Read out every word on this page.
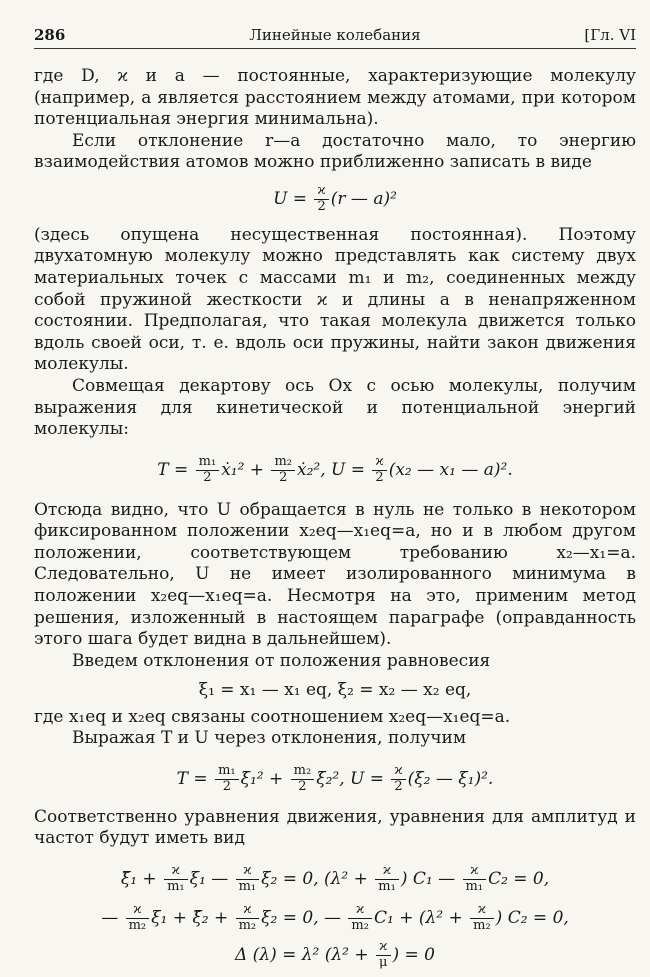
286	Линейные колебания	[Гл. VI

где D, ϰ и a — постоянные, характеризующие молекулу (например, a является расстоянием между атомами, при котором потенциальная энергия минимальна).

Если отклонение r—a достаточно мало, то энергию взаимодействия атомов можно приближенно записать в виде

$U = \frac{ϰ}{2} (r$ — a)²

(здесь опущена несущественная постоянная). Поэтому двухатомную молекулу можно представлять как систему двух материальных точек с массами m₁ и m₂, соединенных между собой пружиной жесткости ϰ и длины a в ненапряженном состоянии. Предполагая, что такая молекула движется только вдоль своей оси, т. е. вдоль оси пружины, найти закон движения молекулы.

Совмещая декартову ось Ox с осью молекулы, получим выражения для кинетической и потенциальной энергий молекулы:

$T = \frac{\text{m₁}}{2}$ ẋ₁² + $\frac{\text{m₂}}{2}$ ẋ₂², $U = \frac{ϰ}{2} (x_2$ — x₁ — a)².

Отсюда видно, что U обращается в нуль не только в некотором фиксированном положении x₂eq—x₁eq=a, но и в любом другом положении, соответствующем требованию x₂—x₁=a. Следовательно, U не имеет изолированного минимума в положении x₂eq—x₁eq=a. Несмотря на это, применим метод решения, изложенный в настоящем параграфе (оправданность этого шага будет видна в дальнейшем).

Введем отклонения от положения равновесия

ξ₁ = x₁ — x₁ eq, ξ₂ = x₂ — x₂ eq,

где x₁eq и x₂eq связаны соотношением x₂eq—x₁eq=a.

Выражая T и U через отклонения, получим

$T = \frac{\text{m₁}}{2}$ ξ̇₁² + $\frac{\text{m₂}}{2}$ ξ̇₂², $U = \frac{ϰ}{2} (\xi_2$ — ξ₁)².

Соответственно уравнения движения, уравнения для амплитуд и частот будут иметь вид

ξ̈₁ + $\frac{ϰ}{\text{m₁}} \xi_1$ — $\frac{ϰ}{\text{m₁}} \xi_2 = 0$, ($\lambda^2 + \frac{ϰ}{\text{m₁}}$ ) C₁ — $\frac{ϰ}{\text{m₁}} C_2 = 0$,
— $\frac{ϰ}{\text{m₂}} \xi_1$ + ξ̈₂ + $\frac{ϰ}{\text{m₂}} \xi_2 = 0$, — $\frac{ϰ}{\text{m₂}} C_1 + (\lambda^2 + \frac{ϰ}{\text{m₂}}$ ) C₂ = 0,
Δ (λ) = λ² ($\lambda^2 + \frac{ϰ}{\mu}$ ) = 0
